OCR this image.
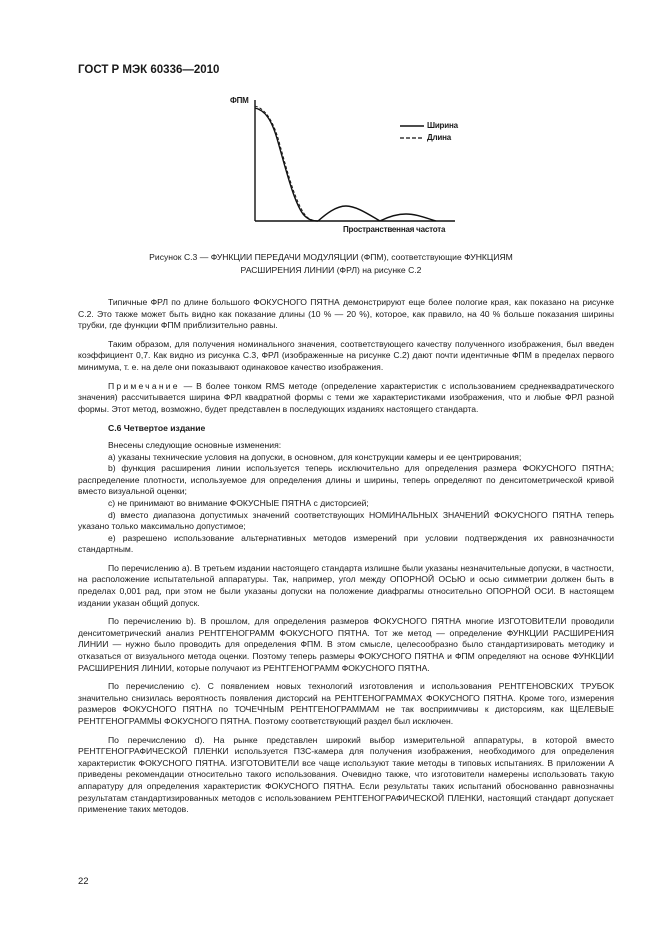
ГОСТ Р МЭК 60336—2010
ФПМ
Ширина
Длина
Пространственная частота
Рисунок С.3 — ФУНКЦИИ ПЕРЕДАЧИ МОДУЛЯЦИИ (ФПМ), соответствующие ФУНКЦИЯМ
РАСШИРЕНИЯ ЛИНИИ (ФРЛ) на рисунке С.2

Типичные ФРЛ по длине большого ФОКУСНОГО ПЯТНА демонстрируют еще более пологие края, как показано на рисунке С.2. Это также может быть видно как показание длины (10 % — 20 %), которое, как правило, на 40 % больше показания ширины трубки, где функции ФПМ приблизительно равны.

Таким образом, для получения номинального значения, соответствующего качеству полученного изображения, был введен коэффициент 0,7. Как видно из рисунка С.3, ФРЛ (изображенные на рисунке С.2) дают почти идентичные ФПМ в пределах первого минимума, т. е. на деле они показывают одинаковое качество изображения.

Примечание — В более тонком RMS методе (определение характеристик с использованием среднеквадратического значения) рассчитывается ширина ФРЛ квадратной формы с теми же характеристиками изображения, что и любые ФРЛ разной формы. Этот метод, возможно, будет представлен в последующих изданиях настоящего стандарта.

С.6 Четвертое издание

Внесены следующие основные изменения:

а) указаны технические условия на допуски, в основном, для конструкции камеры и ее центрирования;

b) функция расширения линии используется теперь исключительно для определения размера ФОКУСНОГО ПЯТНА; распределение плотности, используемое для определения длины и ширины, теперь определяют по денситометрической кривой вместо визуальной оценки;

с) не принимают во внимание ФОКУСНЫЕ ПЯТНА с дисторсией;

d) вместо диапазона допустимых значений соответствующих НОМИНАЛЬНЫХ ЗНАЧЕНИЙ ФОКУСНОГО ПЯТНА теперь указано только максимально допустимое;

е) разрешено использование альтернативных методов измерений при условии подтверждения их равнозначности стандартным.

По перечислению а). В третьем издании настоящего стандарта излишне были указаны незначительные допуски, в частности, на расположение испытательной аппаратуры. Так, например, угол между ОПОРНОЙ ОСЬЮ и осью симметрии должен быть в пределах 0,001 рад, при этом не были указаны допуски на положение диафрагмы относительно ОПОРНОЙ ОСИ. В настоящем издании указан общий допуск.

По перечислению b). В прошлом, для определения размеров ФОКУСНОГО ПЯТНА многие ИЗГОТОВИТЕЛИ проводили денситометрический анализ РЕНТГЕНОГРАММ ФОКУСНОГО ПЯТНА. Тот же метод — определение ФУНКЦИИ РАСШИРЕНИЯ ЛИНИИ — нужно было проводить для определения ФПМ. В этом смысле, целесообразно было стандартизировать методику и отказаться от визуального метода оценки. Поэтому теперь размеры ФОКУСНОГО ПЯТНА и ФПМ определяют на основе ФУНКЦИИ РАСШИРЕНИЯ ЛИНИИ, которые получают из РЕНТГЕНОГРАММ ФОКУСНОГО ПЯТНА.

По перечислению с). С появлением новых технологий изготовления и использования РЕНТГЕНОВСКИХ ТРУБОК значительно снизилась вероятность появления дисторсий на РЕНТГЕНОГРАММАХ ФОКУСНОГО ПЯТНА. Кроме того, измерения размеров ФОКУСНОГО ПЯТНА по ТОЧЕЧНЫМ РЕНТГЕНОГРАММАМ не так восприимчивы к дисторсиям, как ЩЕЛЕВЫЕ РЕНТГЕНОГРАММЫ ФОКУСНОГО ПЯТНА. Поэтому соответствующий раздел был исключен.

По перечислению d). На рынке представлен широкий выбор измерительной аппаратуры, в которой вместо РЕНТГЕНОГРАФИЧЕСКОЙ ПЛЕНКИ используется ПЗС-камера для получения изображения, необходимого для определения характеристик ФОКУСНОГО ПЯТНА. ИЗГОТОВИТЕЛИ все чаще используют такие методы в типовых испытаниях. В приложении А приведены рекомендации относительно такого использования. Очевидно также, что изготовители намерены использовать такую аппаратуру для определения характеристик ФОКУСНОГО ПЯТНА. Если результаты таких испытаний обоснованно равнозначны результатам стандартизированных методов с использованием РЕНТГЕНОГРАФИЧЕСКОЙ ПЛЕНКИ, настоящий стандарт допускает применение таких методов.

22
